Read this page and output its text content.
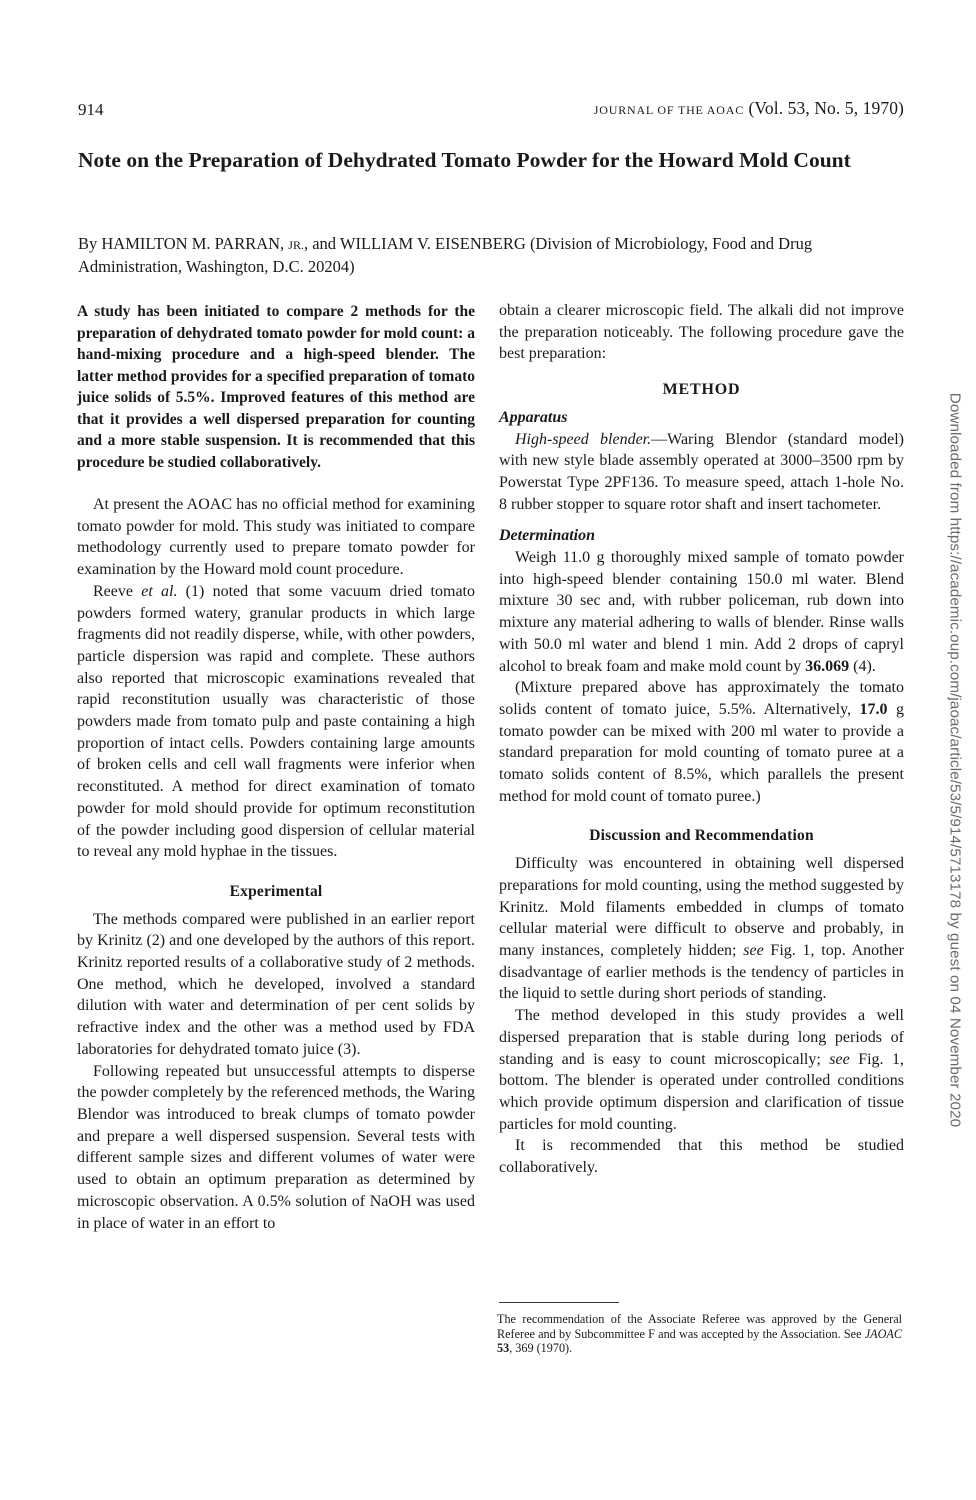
914	JOURNAL OF THE AOAC (Vol. 53, No. 5, 1970)
Note on the Preparation of Dehydrated Tomato Powder for the Howard Mold Count
By HAMILTON M. PARRAN, JR., and WILLIAM V. EISENBERG (Division of Microbiology, Food and Drug Administration, Washington, D.C. 20204)
A study has been initiated to compare 2 methods for the preparation of dehydrated tomato powder for mold count: a hand-mixing procedure and a high-speed blender. The latter method provides for a specified preparation of tomato juice solids of 5.5%. Improved features of this method are that it provides a well dispersed preparation for counting and a more stable suspension. It is recommended that this procedure be studied collaboratively.

At present the AOAC has no official method for examining tomato powder for mold. This study was initiated to compare methodology currently used to prepare tomato powder for examination by the Howard mold count procedure.

Reeve et al. (1) noted that some vacuum dried tomato powders formed watery, granular products in which large fragments did not readily disperse, while, with other powders, particle dispersion was rapid and complete. These authors also reported that microscopic examinations revealed that rapid reconstitution usually was characteristic of those powders made from tomato pulp and paste containing a high proportion of intact cells. Powders containing large amounts of broken cells and cell wall fragments were inferior when reconstituted. A method for direct examination of tomato powder for mold should provide for optimum reconstitution of the powder including good dispersion of cellular material to reveal any mold hyphae in the tissues.

Experimental

The methods compared were published in an earlier report by Krinitz (2) and one developed by the authors of this report. Krinitz reported results of a collaborative study of 2 methods. One method, which he developed, involved a standard dilution with water and determination of per cent solids by refractive index and the other was a method used by FDA laboratories for dehydrated tomato juice (3).

Following repeated but unsuccessful attempts to disperse the powder completely by the referenced methods, the Waring Blendor was introduced to break clumps of tomato powder and prepare a well dispersed suspension. Several tests with different sample sizes and different volumes of water were used to obtain an optimum preparation as determined by microscopic observation. A 0.5% solution of NaOH was used in place of water in an effort to

obtain a clearer microscopic field. The alkali did not improve the preparation noticeably. The following procedure gave the best preparation:

METHOD
Apparatus

High-speed blender.—Waring Blendor (standard model) with new style blade assembly operated at 3000–3500 rpm by Powerstat Type 2PF136. To measure speed, attach 1-hole No. 8 rubber stopper to square rotor shaft and insert tachometer.

Determination

Weigh 11.0 g thoroughly mixed sample of tomato powder into high-speed blender containing 150.0 ml water. Blend mixture 30 sec and, with rubber policeman, rub down into mixture any material adhering to walls of blender. Rinse walls with 50.0 ml water and blend 1 min. Add 2 drops of capryl alcohol to break foam and make mold count by 36.069 (4).

(Mixture prepared above has approximately the tomato solids content of tomato juice, 5.5%. Alternatively, 17.0 g tomato powder can be mixed with 200 ml water to provide a standard preparation for mold counting of tomato puree at a tomato solids content of 8.5%, which parallels the present method for mold count of tomato puree.)

Discussion and Recommendation

Difficulty was encountered in obtaining well dispersed preparations for mold counting, using the method suggested by Krinitz. Mold filaments embedded in clumps of tomato cellular material were difficult to observe and probably, in many instances, completely hidden; see Fig. 1, top. Another disadvantage of earlier methods is the tendency of particles in the liquid to settle during short periods of standing.

The method developed in this study provides a well dispersed preparation that is stable during long periods of standing and is easy to count microscopically; see Fig. 1, bottom. The blender is operated under controlled conditions which provide optimum dispersion and clarification of tissue particles for mold counting.

It is recommended that this method be studied collaboratively.

The recommendation of the Associate Referee was approved by the General Referee and by Subcommittee F and was accepted by the Association. See JAOAC 53, 369 (1970).
Downloaded from https://academic.oup.com/jaoac/article/53/5/914/5713178 by guest on 04 November 2020
